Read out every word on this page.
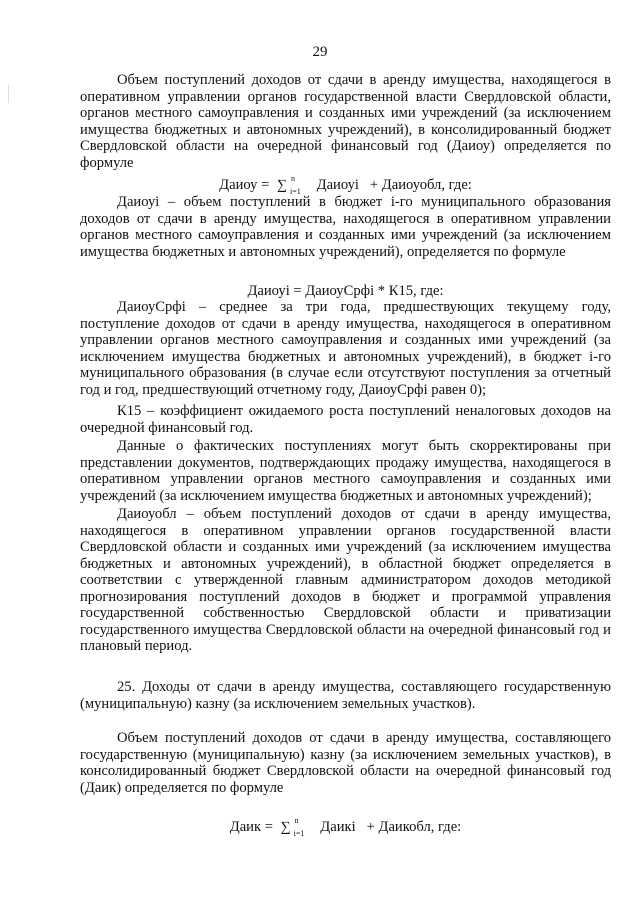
29

Объем поступлений доходов от сдачи в аренду имущества, находящегося в оперативном управлении органов государственной власти Свердловской области, органов местного самоуправления и созданных ими учреждений (за исключением имущества бюджетных и автономных учреждений), в консолидированный бюджет Свердловской области на очередной финансовый год (Даиоу) определяется по формуле

Даиоу = ∑ n
i=1 Даиоуi + Даиоуобл, где:

Даиоуi – объем поступлений в бюджет i-го муниципального образования доходов от сдачи в аренду имущества, находящегося в оперативном управлении органов местного самоуправления и созданных ими учреждений (за исключением имущества бюджетных и автономных учреждений), определяется по формуле

Даиоуi = ДаиоуСрфi * К15, где:

ДаиоуСрфi – среднее за три года, предшествующих текущему году, поступление доходов от сдачи в аренду имущества, находящегося в оперативном управлении органов местного самоуправления и созданных ими учреждений (за исключением имущества бюджетных и автономных учреждений), в бюджет i-го муниципального образования (в случае если отсутствуют поступления за отчетный год и год, предшествующий отчетному году, ДаиоуСрфi равен 0);

К15 – коэффициент ожидаемого роста поступлений неналоговых доходов на очередной финансовый год.

Данные о фактических поступлениях могут быть скорректированы при представлении документов, подтверждающих продажу имущества, находящегося в оперативном управлении органов местного самоуправления и созданных ими учреждений (за исключением имущества бюджетных и автономных учреждений);

Даиоуобл – объем поступлений доходов от сдачи в аренду имущества, находящегося в оперативном управлении органов государственной власти Свердловской области и созданных ими учреждений (за исключением имущества бюджетных и автономных учреждений), в областной бюджет определяется в соответствии с утвержденной главным администратором доходов методикой прогнозирования поступлений доходов в бюджет и программой управления государственной собственностью Свердловской области и приватизации государственного имущества Свердловской области на очередной финансовый год и плановый период.

25. Доходы от сдачи в аренду имущества, составляющего государственную (муниципальную) казну (за исключением земельных участков).

Объем поступлений доходов от сдачи в аренду имущества, составляющего государственную (муниципальную) казну (за исключением земельных участков), в консолидированный бюджет Свердловской области на очередной финансовый год (Даик) определяется по формуле

Даик = ∑ n
i=1 Даикi + Даикобл, где:
